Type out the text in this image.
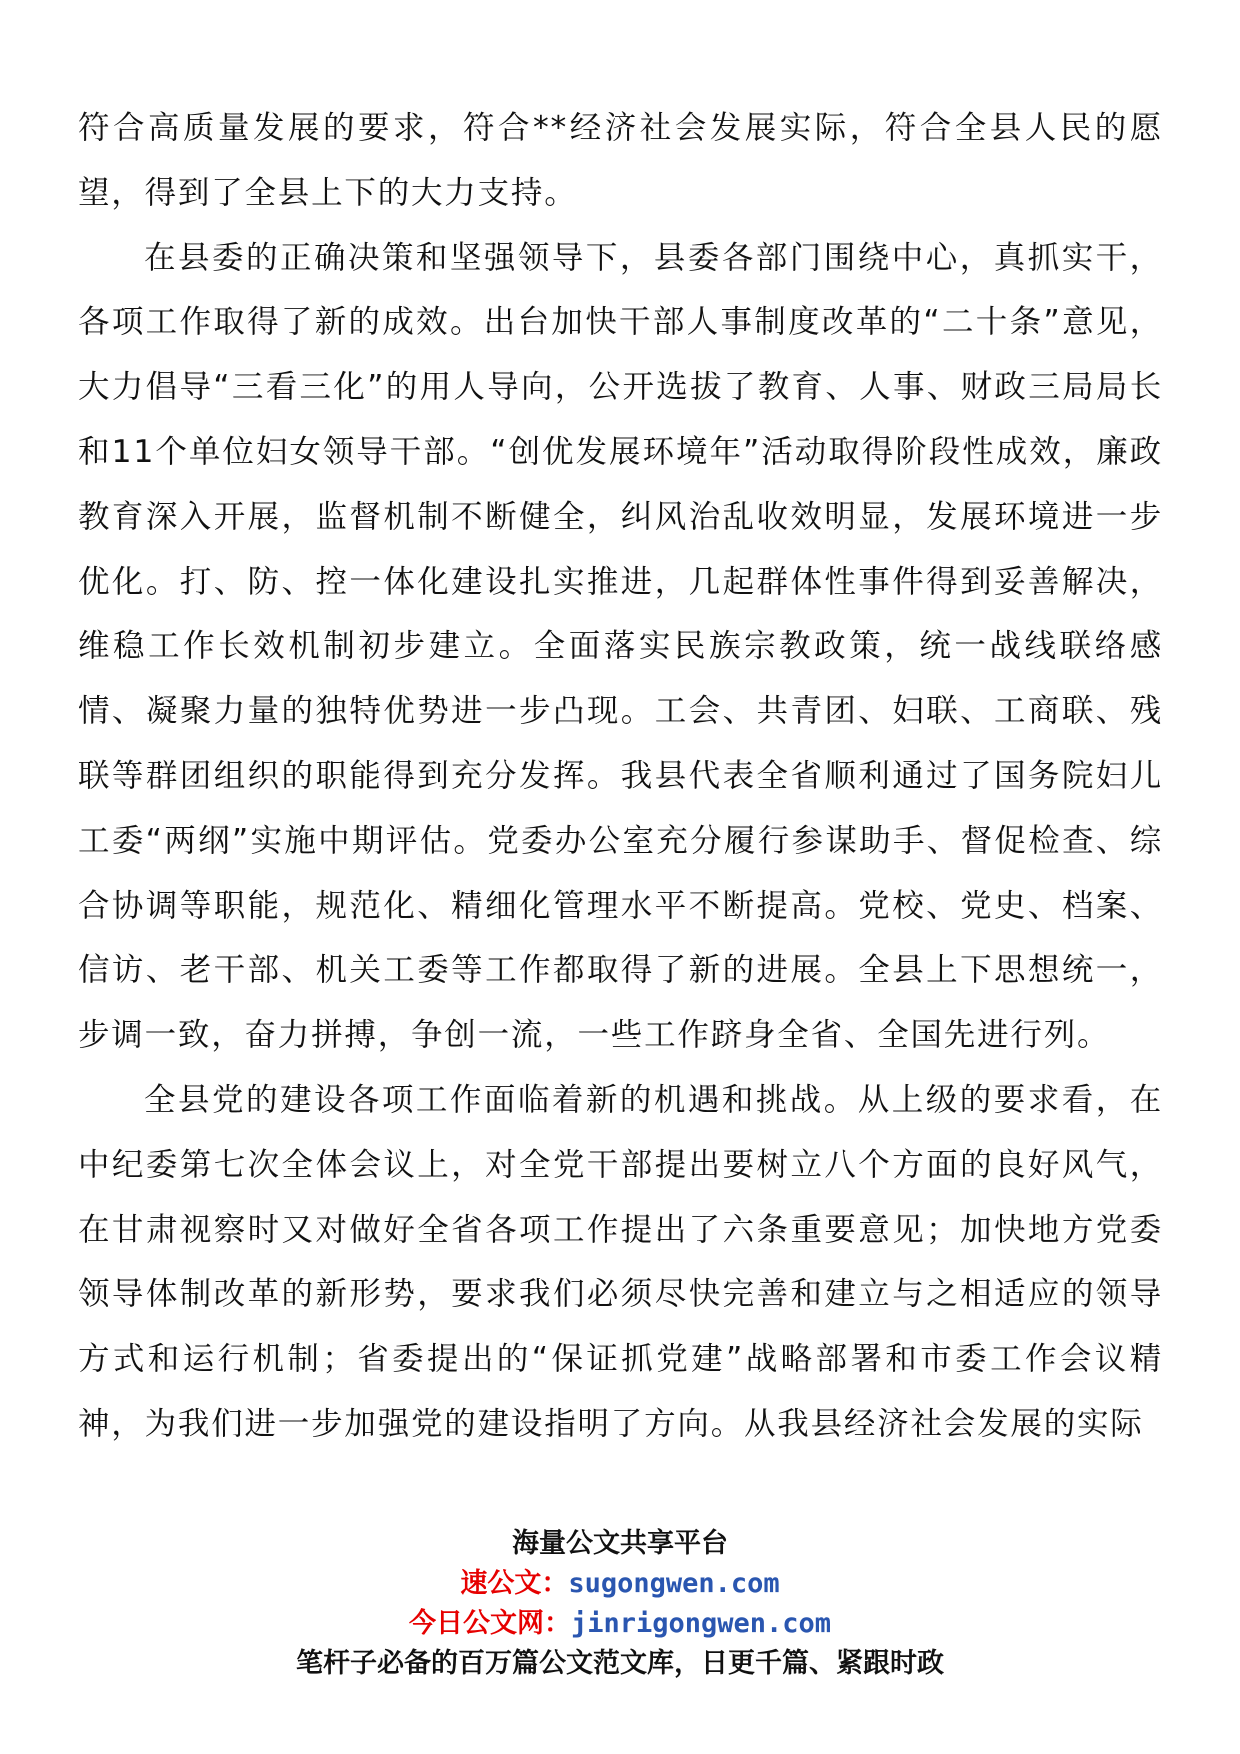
符合高质量发展的要求，符合**经济社会发展实际，符合全县人民的愿望，得到了全县上下的大力支持。

在县委的正确决策和坚强领导下，县委各部门围绕中心，真抓实干，各项工作取得了新的成效。出台加快干部人事制度改革的“二十条”意见，大力倡导“三看三化”的用人导向，公开选拔了教育、人事、财政三局局长和11个单位妇女领导干部。“创优发展环境年”活动取得阶段性成效，廉政教育深入开展，监督机制不断健全，纠风治乱收效明显，发展环境进一步优化。打、防、控一体化建设扎实推进，几起群体性事件得到妥善解决，维稳工作长效机制初步建立。全面落实民族宗教政策，统一战线联络感情、凝聚力量的独特优势进一步凸现。工会、共青团、妇联、工商联、残联等群团组织的职能得到充分发挥。我县代表全省顺利通过了国务院妇儿工委“两纲”实施中期评估。党委办公室充分履行参谋助手、督促检查、综合协调等职能，规范化、精细化管理水平不断提高。党校、党史、档案、信访、老干部、机关工委等工作都取得了新的进展。全县上下思想统一，步调一致，奋力拼搏，争创一流，一些工作跻身全省、全国先进行列。

全县党的建设各项工作面临着新的机遇和挑战。从上级的要求看，在中纪委第七次全体会议上，对全党干部提出要树立八个方面的良好风气，在甘肃视察时又对做好全省各项工作提出了六条重要意见；加快地方党委领导体制改革的新形势，要求我们必须尽快完善和建立与之相适应的领导方式和运行机制；省委提出的“保证抓党建”战略部署和市委工作会议精神，为我们进一步加强党的建设指明了方向。从我县经济社会发展的实际

海量公文共享平台
速公文：sugongwen.com
今日公文网：jinrigongwen.com
笔杆子必备的百万篇公文范文库，日更千篇、紧跟时政
